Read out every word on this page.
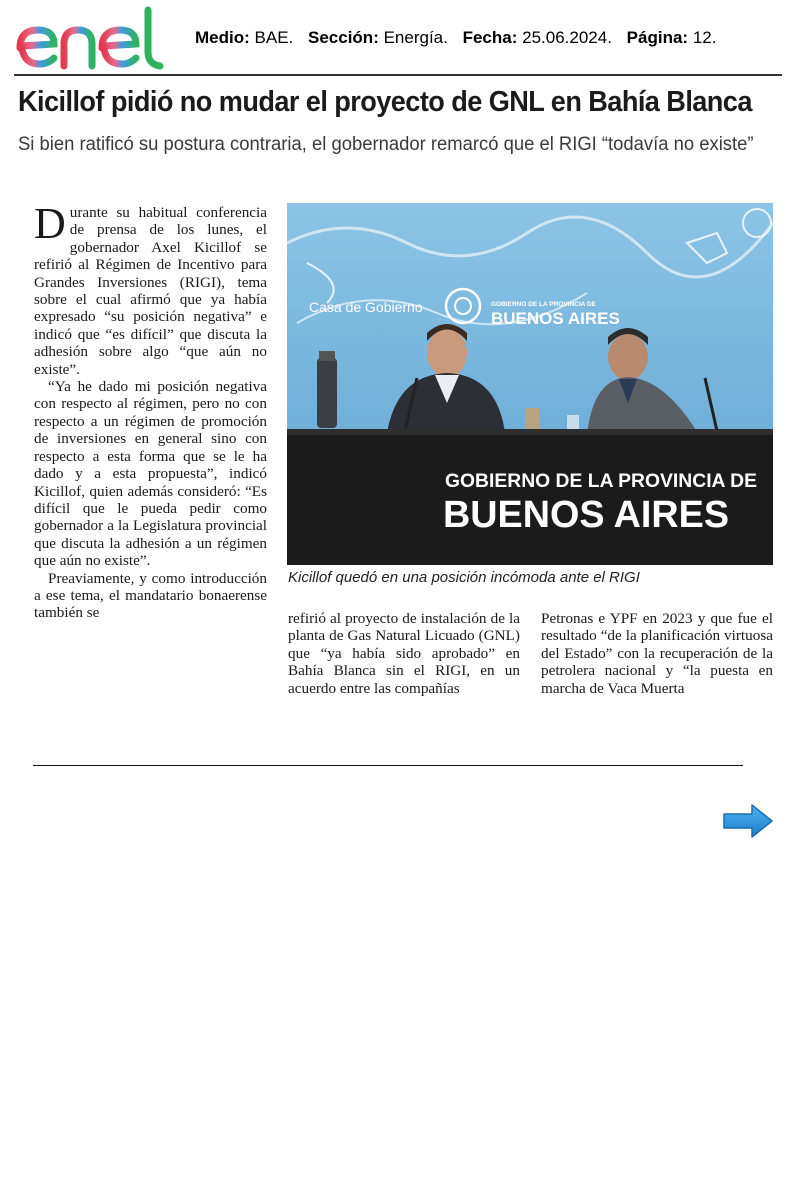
Medio: BAE. Sección: Energía. Fecha: 25.06.2024. Página: 12.
Kicillof pidió no mudar el proyecto de GNL en Bahía Blanca
Si bien ratificó su postura contraria, el gobernador remarcó que el RIGI “todavía no existe”

Durante su habitual conferencia de prensa de los lunes, el gobernador Axel Kicillof se refirió al Régimen de Incentivo para Grandes Inversiones (RIGI), tema sobre el cual afirmó que ya había expresado “su posición negativa” e indicó que “es difícil” que discuta la adhesión sobre algo “que aún no existe”.

“Ya he dado mi posición negativa con respecto al régimen, pero no con respecto a un régimen de promoción de inversiones en general sino con respecto a esta forma que se le ha dado y a esta propuesta”, indicó Kicillof, quien además consideró: “Es difícil que le pueda pedir como gobernador a la Legislatura provincial que discuta la adhesión a un régimen que aún no existe”.

Preaviamente, y como introducción a ese tema, el mandatario bonaerense también se

Casa de Gobierno	GOBIERNO DE LA PROVINCIA DE
BUENOS AIRES
GOBIERNO DE LA PROVINCIA DE
BUENOS AIRES
Kicillof quedó en una posición incómoda ante el RIGI

refirió al proyecto de instalación de la planta de Gas Natural Licuado (GNL) que “ya había sido aprobado” en Bahía Blanca sin el RIGI, en un acuerdo entre las compañías

Petronas e YPF en 2023 y que fue el resultado “de la planificación virtuosa del Estado” con la recuperación de la petrolera nacional y “la puesta en marcha de Vaca Muerta
